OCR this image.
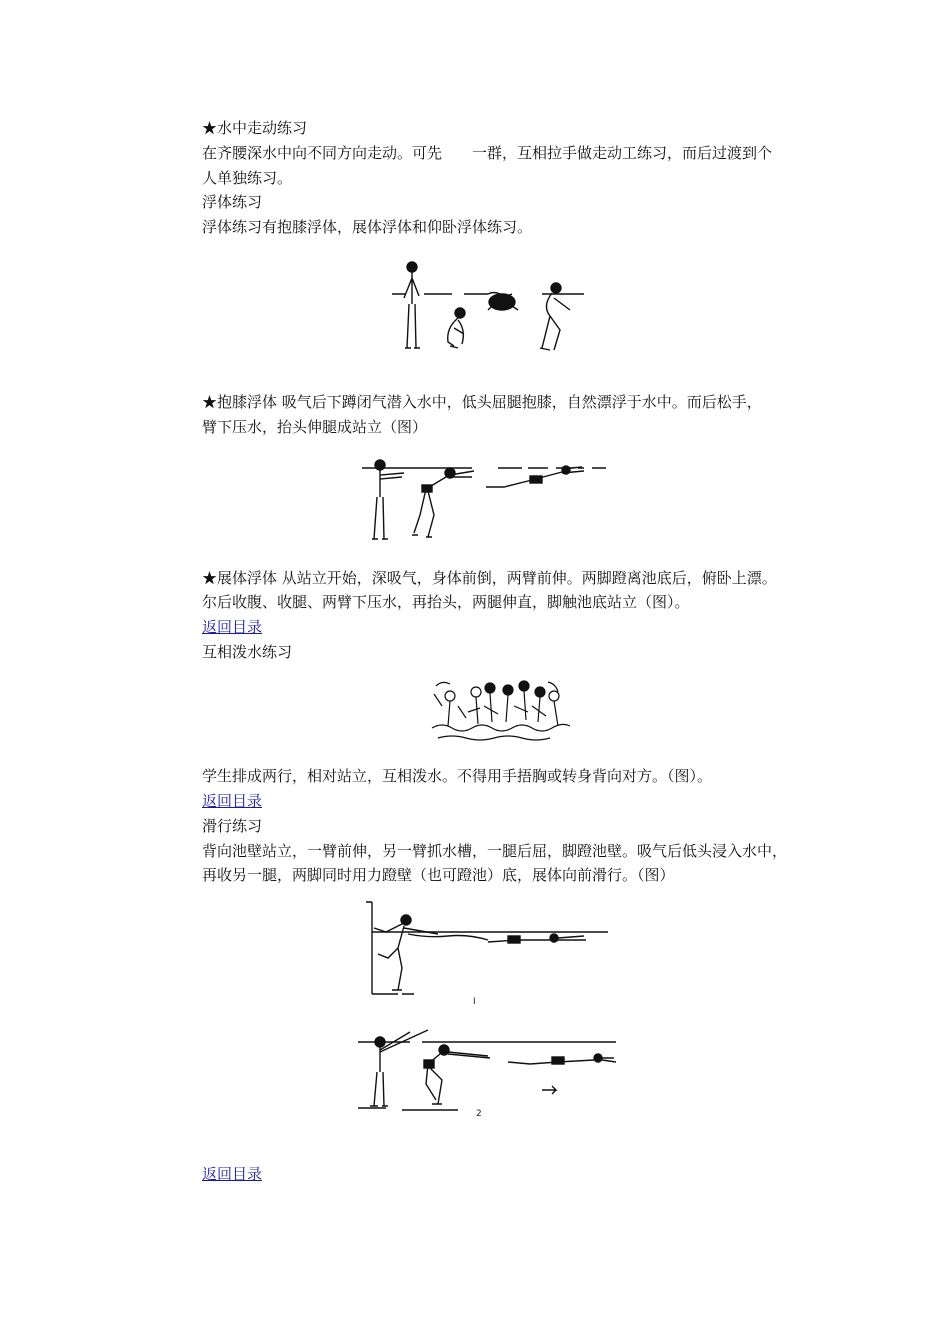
★水中走动练习
在齐腰深水中向不同方向走动。可先　　一群，互相拉手做走动工练习，而后过渡到个
人单独练习。
浮体练习
浮体练习有抱膝浮体，展体浮体和仰卧浮体练习。
★抱膝浮体 吸气后下蹲闭气潜入水中，低头屈腿抱膝，自然漂浮于水中。而后松手，
臂下压水，抬头伸腿成站立（图）
★展体浮体 从站立开始，深吸气，身体前倒，两臂前伸。两脚蹬离池底后，俯卧上漂。
尔后收腹、收腿、两臂下压水，再抬头，两腿伸直，脚触池底站立（图）。
返回目录
互相泼水练习
学生排成两行，相对站立，互相泼水。不得用手捂胸或转身背向对方。（图）。
返回目录
滑行练习
背向池壁站立，一臂前伸，另一臂抓水槽，一腿后屈，脚蹬池壁。吸气后低头浸入水中，
再收另一腿，两脚同时用力蹬壁（也可蹬池）底，展体向前滑行。（图）
I
2
返回目录
